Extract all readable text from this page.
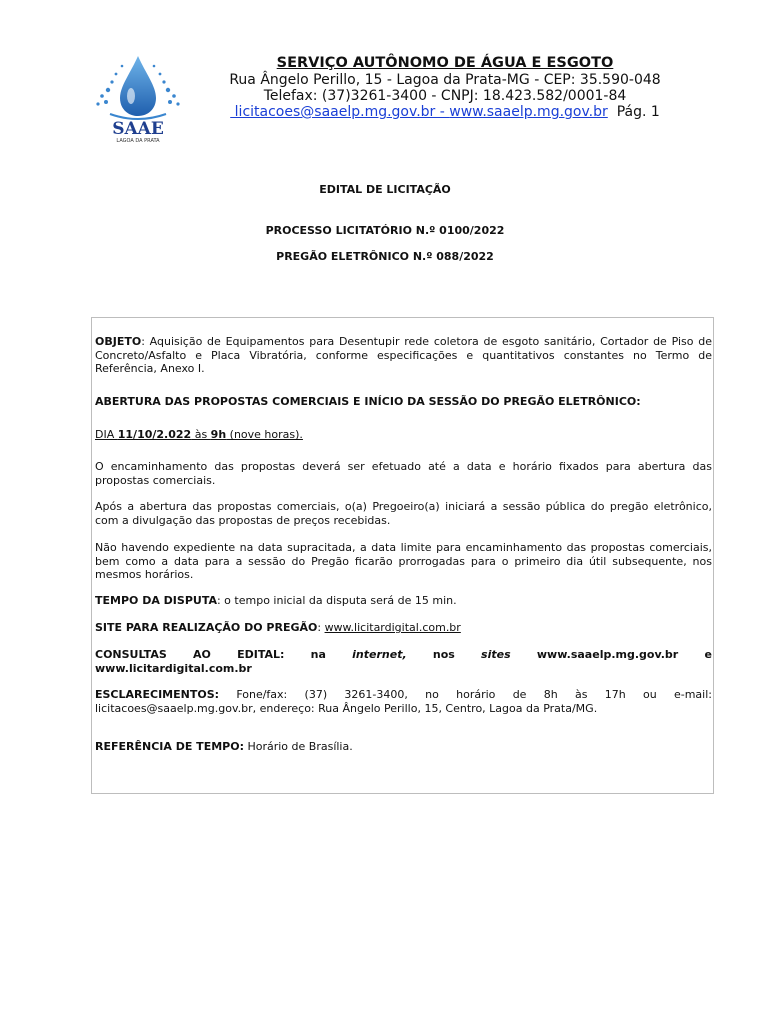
SAAE
LAGOA DA PRATA
SERVIÇO AUTÔNOMO DE ÁGUA E ESGOTO
Rua Ângelo Perillo, 15 - Lagoa da Prata-MG - CEP: 35.590-048
Telefax: (37)3261-3400 - CNPJ: 18.423.582/0001-84
licitacoes@saaelp.mg.gov.br - www.saaelp.mg.gov.br Pág. 1
EDITAL DE LICITAÇÃO
PROCESSO LICITATÓRIO N.º 0100/2022
PREGÃO ELETRÔNICO N.º 088/2022
OBJETO: Aquisição de Equipamentos para Desentupir rede coletora de esgoto sanitário, Cortador de Piso de Concreto/Asfalto e Placa Vibratória, conforme especificações e quantitativos constantes no Termo de Referência, Anexo I.
ABERTURA DAS PROPOSTAS COMERCIAIS E INÍCIO DA SESSÃO DO PREGÃO ELETRÔNICO:
DIA 11/10/2.022 às 9h (nove horas).
O encaminhamento das propostas deverá ser efetuado até a data e horário fixados para abertura das propostas comerciais.
Após a abertura das propostas comerciais, o(a) Pregoeiro(a) iniciará a sessão pública do pregão eletrônico, com a divulgação das propostas de preços recebidas.
Não havendo expediente na data supracitada, a data limite para encaminhamento das propostas comerciais, bem como a data para a sessão do Pregão ficarão prorrogadas para o primeiro dia útil subsequente, nos mesmos horários.
TEMPO DA DISPUTA: o tempo inicial da disputa será de 15 min.
SITE PARA REALIZAÇÃO DO PREGÃO: www.licitardigital.com.br
CONSULTAS AO EDITAL: na internet, nos sites www.saaelp.mg.gov.br e
www.licitardigital.com.br
ESCLARECIMENTOS: Fone/fax: (37) 3261-3400, no horário de 8h às 17h ou e-mail: licitacoes@saaelp.mg.gov.br, endereço: Rua Ângelo Perillo, 15, Centro, Lagoa da Prata/MG.
REFERÊNCIA DE TEMPO: Horário de Brasília.
